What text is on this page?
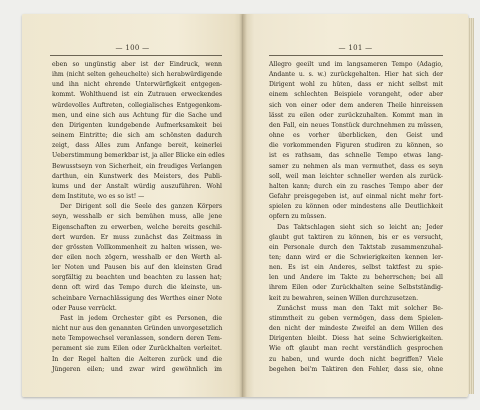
— 100 —
eben so ungünstig aber ist der Eindruck, wenn
ihm (nicht selten geheuchelte) sich herabwürdigende
und ihn nicht ehrende Unterwürfigkeit entgegen-
kommt. Wohlthuend ist ein Zutrauen erweckendes
würdevolles Auftreten, collegialisches Entgegenkom-
men, und eine sich aus Achtung für die Sache und
den Dirigenten kundgebende Aufmerksamkeit bei
seinem Eintritte; die sich am schönsten dadurch
zeigt, dass Alles zum Anfange bereit, keinerlei
Ueberstimmung bemerkbar ist, ja aller Blicke ein edles
Bewusstseyn von Sicherheit, ein freudiges Verlangen
darthun, ein Kunstwerk des Meisters, des Publi-
kums und der Anstalt würdig auszuführen. Wohl
dem Institute, wo es so ist! —
Der Dirigent soll die Seele des ganzen Körpers
seyn, wesshalb er sich bemühen muss, alle jene
Eigenschaften zu erwerben, welche bereits geschil-
dert wurden. Er muss zunächst das Zeitmass in
der grössten Vollkommenheit zu halten wissen, we-
der eilen noch zögern, wesshalb er den Werth al-
ler Noten und Pausen bis auf den kleinsten Grad
sorgfältig zu beachten und beachten zu lassen hat;
denn oft wird das Tempo durch die kleinste, un-
scheinbare Vernachlässigung des Werthes einer Note
oder Pause verrückt.
Fast in jedem Orchester gibt es Personen, die
nicht nur aus den genannten Gründen unvorgesetzlich
nete Tempowechsel veranlassen, sondern deren Tem-
perament sie zum Eilen oder Zurückhalten verleitet.
In der Regel halten die Aelteren zurück und die
Jüngeren eilen; und zwar wird gewöhnlich im
— 101 —
Allegro geeilt und im langsameren Tempo (Adagio,
Andante u. s. w.) zurückgehalten. Hier hat sich der
Dirigent wohl zu hüten, dass er nicht selbst mit
einem schlechten Beispiele vorangeht, oder aber
sich von einer oder dem anderen Theile hinreissen
lässt zu eilen oder zurückzuhalten. Kommt man in
den Fall, ein neues Tonstück durchnehmen zu müssen,
ohne es vorher überblicken, den Geist und
die vorkommenden Figuren studiren zu können, so
ist es rathsam, das schnelle Tempo etwas lang-
samer zu nehmen als man vermuthet, dass es seyn
soll, weil man leichter schneller werden als zurück-
halten kann; durch ein zu rasches Tempo aber der
Gefahr preisgegeben ist, auf einmal nicht mehr fort-
spielen zu können oder mindestens alle Deutlichkeit
opfern zu müssen.
Das Taktschlagen sieht sich so leicht an; Jeder
glaubt gut taktiren zu können, bis er es versucht,
ein Personale durch den Taktstab zusammenzuhal-
ten; dann wird er die Schwierigkeiten kennen ler-
nen. Es ist ein Anderes, selbst taktfest zu spie-
len und Andere im Takte zu beherrschen; bei all
ihrem Eilen oder Zurückhalten seine Selbstständig-
keit zu bewahren, seinen Willen durchzusetzen.
Zunächst muss man den Takt mit solcher Be-
stimmtheit zu geben vermögen, dass dem Spielen-
den nicht der mindeste Zweifel an dem Willen des
Dirigenten bleibt. Diess hat seine Schwierigkeiten.
Wie oft glaubt man recht verständlich gesprochen
zu haben, und wurde doch nicht begriffen? Viele
begehen bei'm Taktiren den Fehler, dass sie, ohne
